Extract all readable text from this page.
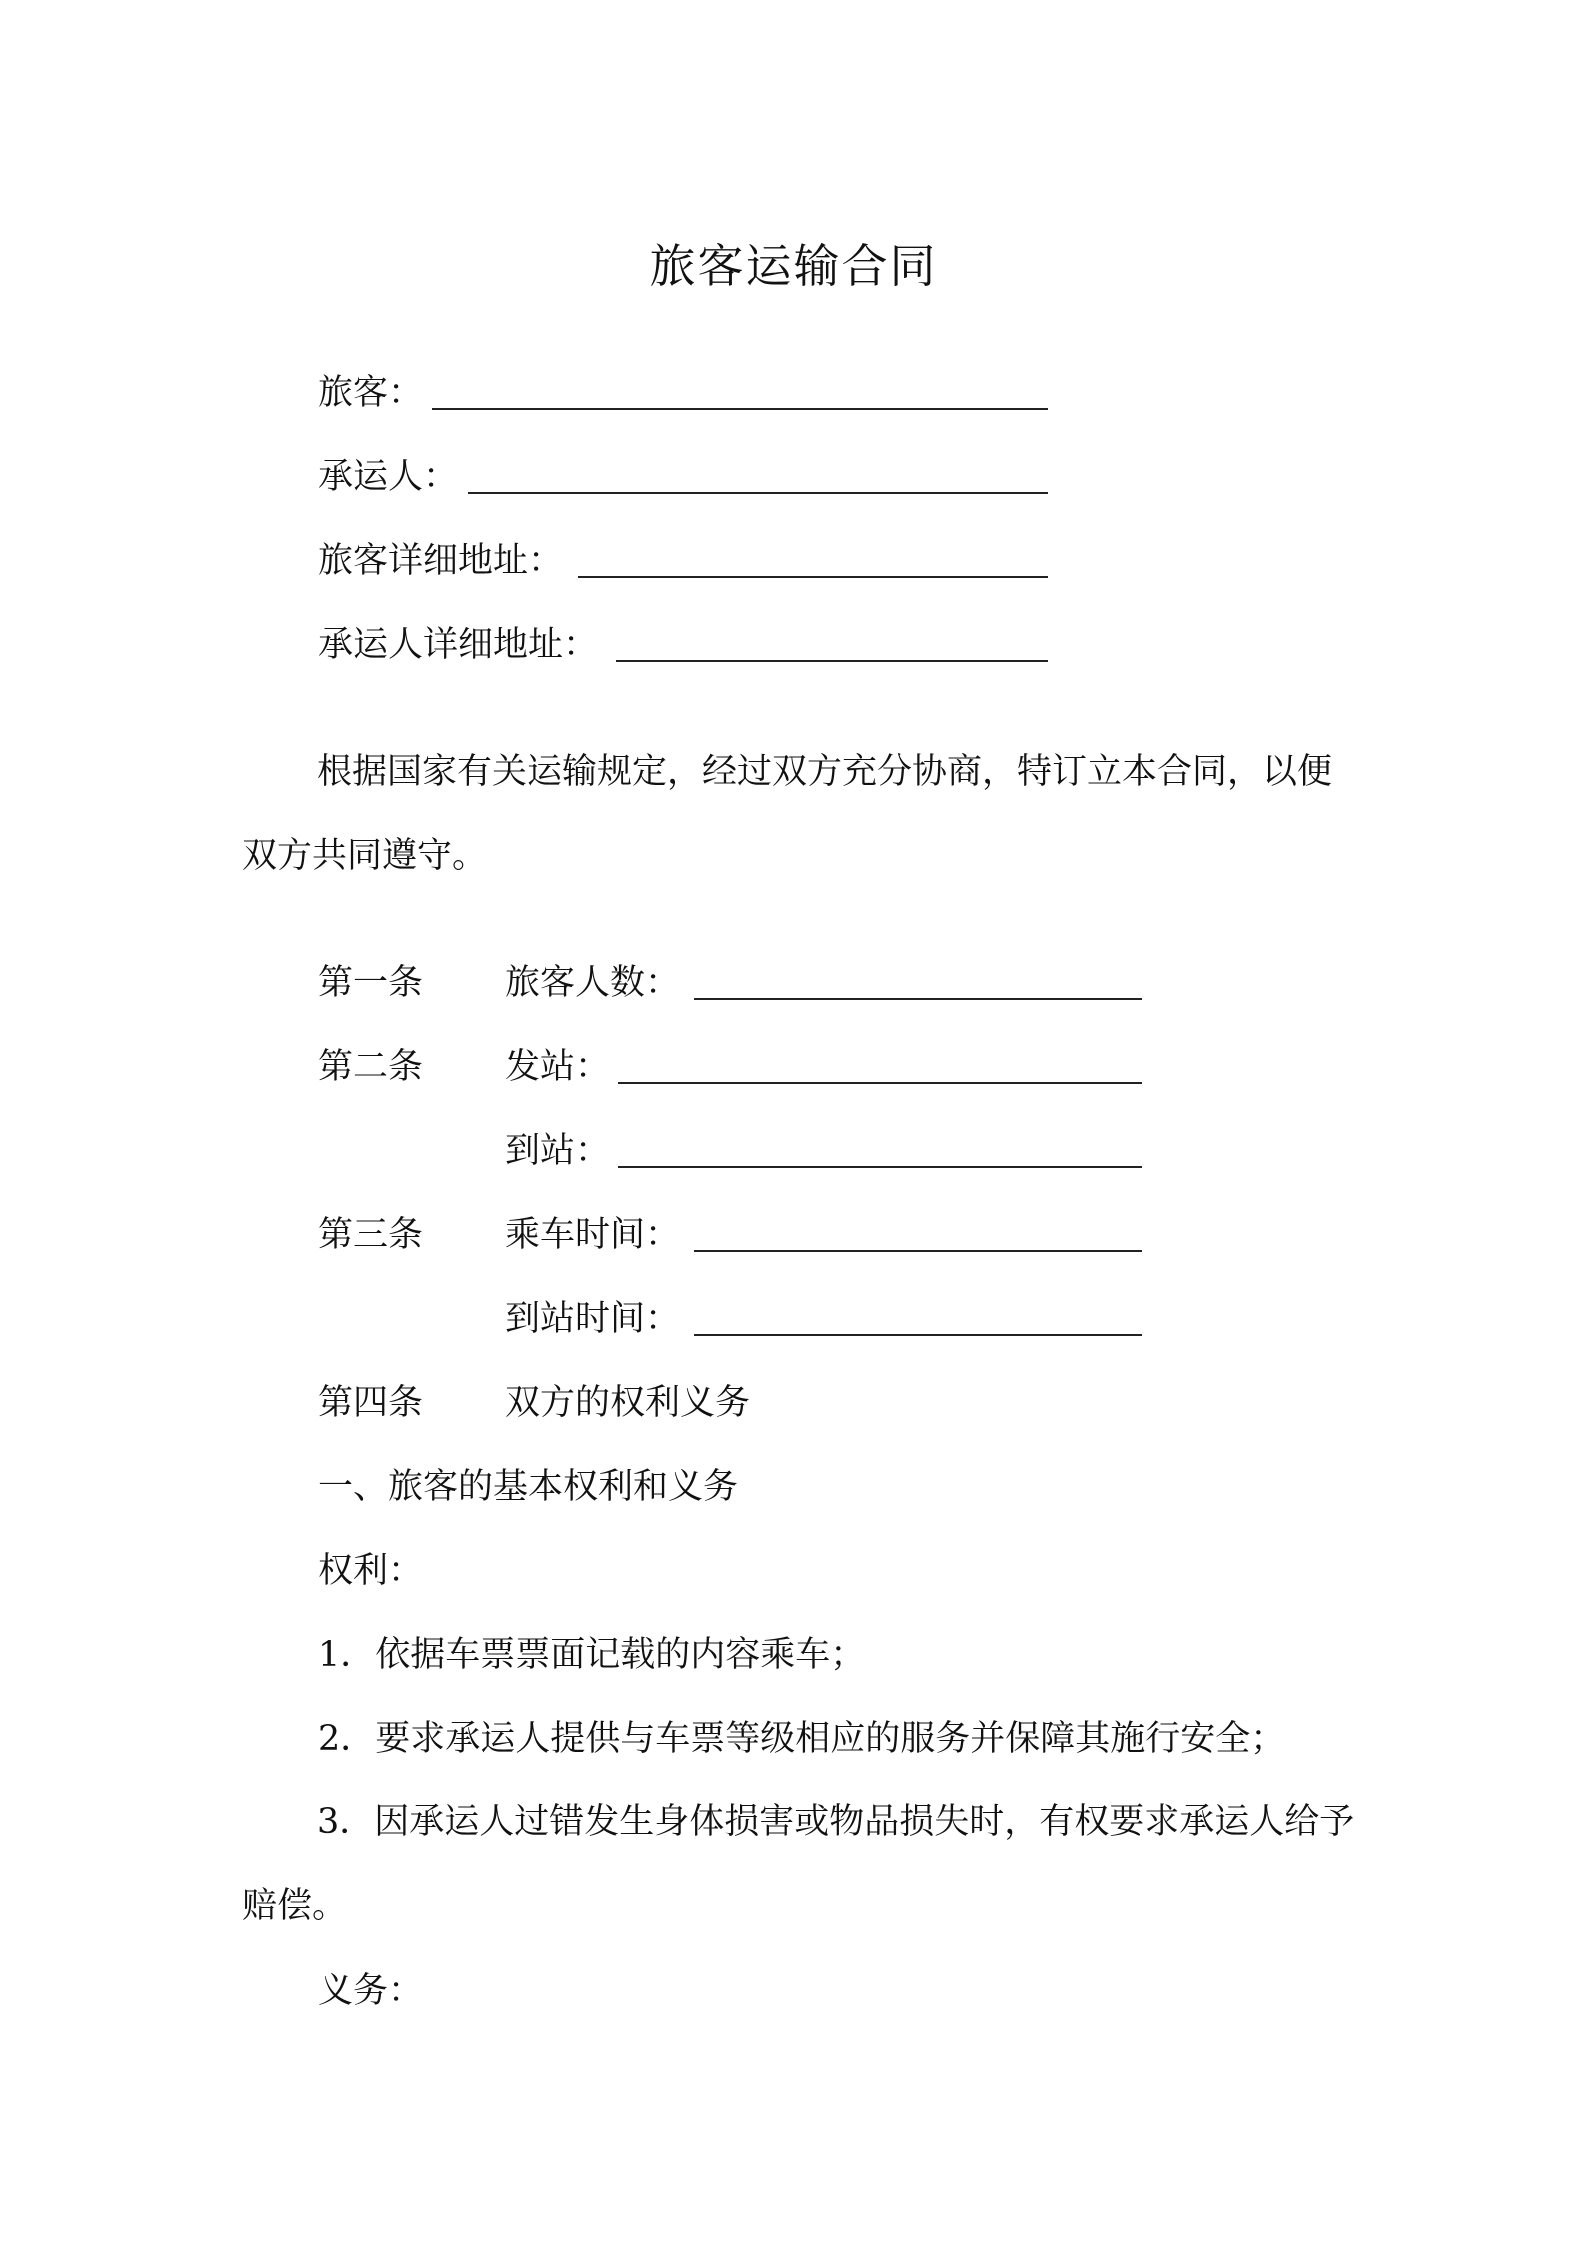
旅客运输合同
旅客：
承运人：
旅客详细地址：
承运人详细地址：
根据国家有关运输规定，经过双方充分协商，特订立本合同，以便双方共同遵守。
第一条 旅客人数：
第二条 发站：
到站：
第三条 乘车时间：
到站时间：
第四条 双方的权利义务
一、旅客的基本权利和义务
权利：
1．依据车票票面记载的内容乘车；
2．要求承运人提供与车票等级相应的服务并保障其施行安全；
3．因承运人过错发生身体损害或物品损失时，有权要求承运人给予赔偿。
义务：
